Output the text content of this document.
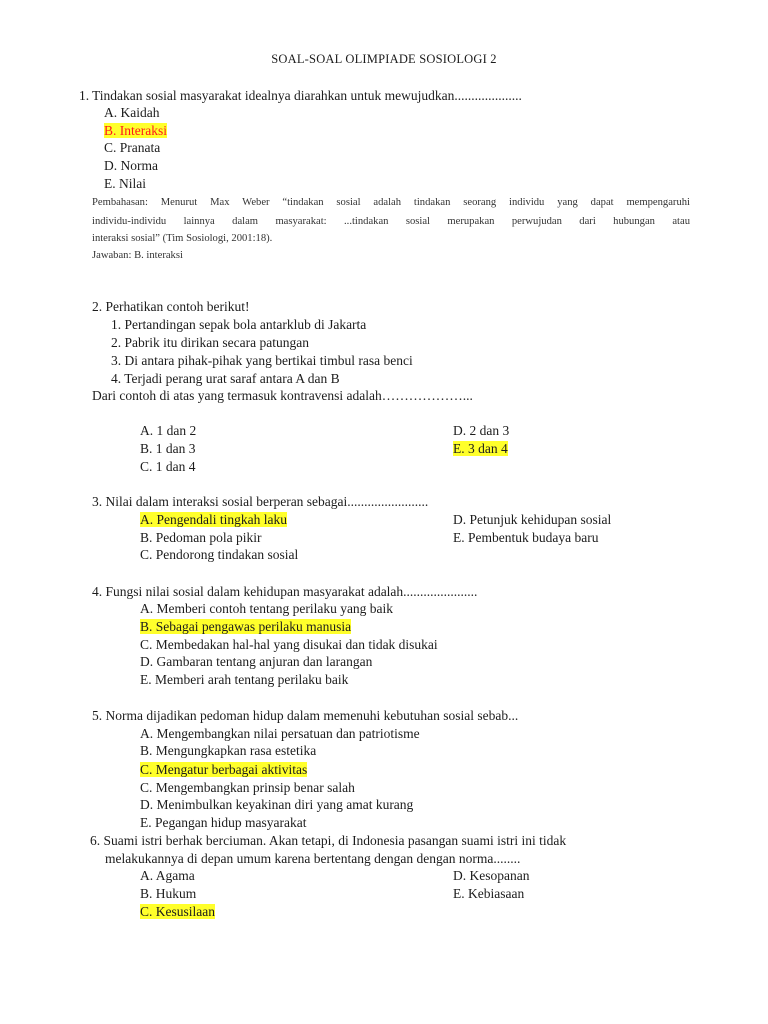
SOAL-SOAL OLIMPIADE SOSIOLOGI 2
1. Tindakan sosial masyarakat idealnya diarahkan untuk mewujudkan....................
A. Kaidah
B. Interaksi
C. Pranata
D. Norma
E. Nilai
Pembahasan: Menurut Max Weber “tindakan sosial adalah tindakan seorang individu yang dapat mempengaruhi
individu-individu lainnya dalam masyarakat: ...tindakan sosial merupakan perwujudan dari hubungan atau
interaksi sosial” (Tim Sosiologi, 2001:18).
Jawaban: B. interaksi
2. Perhatikan contoh berikut!
1. Pertandingan sepak bola antarklub di Jakarta
2. Pabrik itu dirikan secara patungan
3. Di antara pihak-pihak yang bertikai timbul rasa benci
4. Terjadi perang urat saraf antara A dan B
Dari contoh di atas yang termasuk kontravensi adalah………………...
A. 1 dan 2
B. 1 dan 3
C. 1 dan 4
D. 2 dan 3
E. 3 dan 4
3. Nilai dalam interaksi sosial berperan sebagai........................
A. Pengendali tingkah laku
B. Pedoman pola pikir
C. Pendorong tindakan sosial
D. Petunjuk kehidupan sosial
E. Pembentuk budaya baru
4. Fungsi nilai sosial dalam kehidupan masyarakat adalah......................
A. Memberi contoh tentang perilaku yang baik
B. Sebagai pengawas perilaku manusia
C. Membedakan hal-hal yang disukai dan tidak disukai
D. Gambaran tentang anjuran dan larangan
E. Memberi arah tentang perilaku baik
5. Norma dijadikan pedoman hidup dalam memenuhi kebutuhan sosial sebab...
A. Mengembangkan nilai persatuan dan patriotisme
B. Mengungkapkan rasa estetika
C. Mengatur berbagai aktivitas
C. Mengembangkan prinsip benar salah
D. Menimbulkan keyakinan diri yang amat kurang
E. Pegangan hidup masyarakat
6. Suami istri berhak berciuman. Akan tetapi, di Indonesia pasangan suami istri ini tidak
melakukannya di depan umum karena bertentang dengan dengan norma........
A. Agama
B. Hukum
C. Kesusilaan
D. Kesopanan
E. Kebiasaan
